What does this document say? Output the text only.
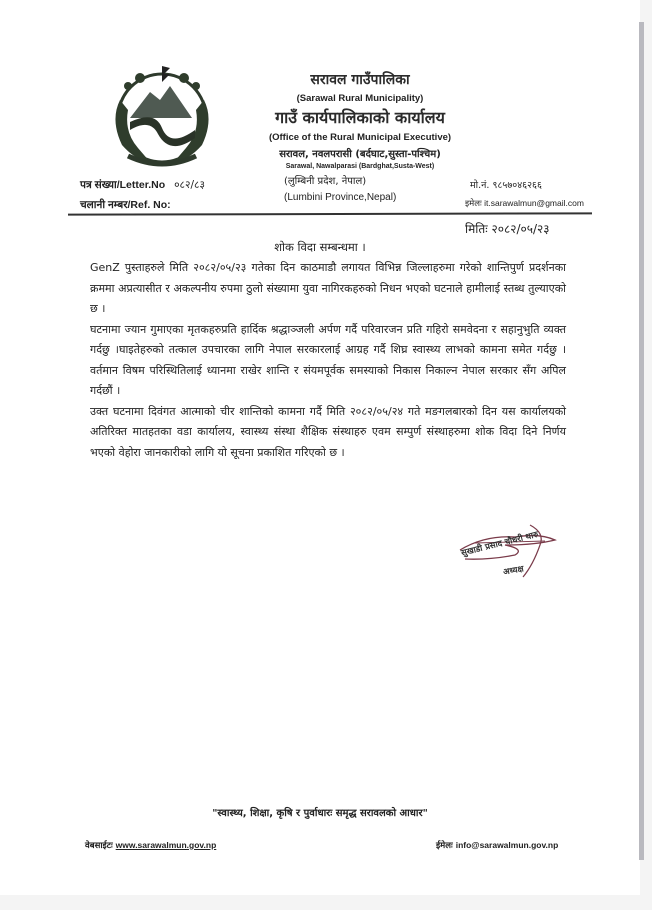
सरावल गाउँपालिका
(Sarawal Rural Municipality)
गाउँ कार्यपालिकाको कार्यालय
(Office of the Rural Municipal Executive)
सरावल, नवलपरासी (बर्दघाट,सुस्ता-पश्चिम)
Sarawal, Nawalparasi (Bardghat,Susta-West)
(लुम्बिनी प्रदेश, नेपाल)
(Lumbini Province,Nepal)
पत्र संख्या/Letter.No ०८२/८३
चलानी नम्बर/Ref. No:
मो.नं. ९८५७०४६२६६
इमेलः it.sarawalmun@gmail.com
मितिः २०८२/०५/२३
शोक विदा सम्बन्धमा ।

GenZ पुस्ताहरुले मिति २०८२/०५/२३ गतेका दिन काठमाडौ लगायत विभिन्न जिल्लाहरुमा गरेको शान्तिपुर्ण प्रदर्शनका क्रममा अप्रत्यासीत र अकल्पनीय रुपमा ठुलो संख्यामा युवा नागिरकहरुको निधन भएको घटनाले हामीलाई स्तब्ध तुल्याएको छ ।

घटनामा ज्यान गुमाएका मृतकहरुप्रति हार्दिक श्रद्धाञ्जली अर्पण गर्दै परिवारजन प्रति गहिरो समवेदना र सहानुभुति व्यक्त गर्दछु ।घाइतेहरुको तत्काल उपचारका लागि नेपाल सरकारलाई आग्रह गर्दै शिघ्र स्वास्थ्य लाभको कामना समेत गर्दछु ।वर्तमान विषम परिस्थितिलाई ध्यानमा राखेर शान्ति र संयमपूर्वक समस्याको निकास निकाल्न नेपाल सरकार सँग अपिल गर्दछौं ।

उक्त घटनामा दिवंगत आत्माको चीर शान्तिको कामना गर्दै मिति २०८२/०५/२४ गते मङगलबारको दिन यस कार्यालयको अतिरिक्त मातहतका वडा कार्यालय, स्वास्थ्य संस्था शैक्षिक संस्थाहरु एवम सम्पुर्ण संस्थाहरुमा शोक विदा दिने निर्णय भएको वेहोरा जानकारीको लागि यो सूचना प्रकाशित गरिएको छ ।

सुखाडी प्रसाद चौधरी थारु
अध्यक्ष
"स्वास्थ्य, शिक्षा, कृषि र पुर्वाधारः समृद्ध सरावलको आधार"
वेबसाईटः www.sarawalmun.gov.np	ईमेलः info@sarawalmun.gov.np
